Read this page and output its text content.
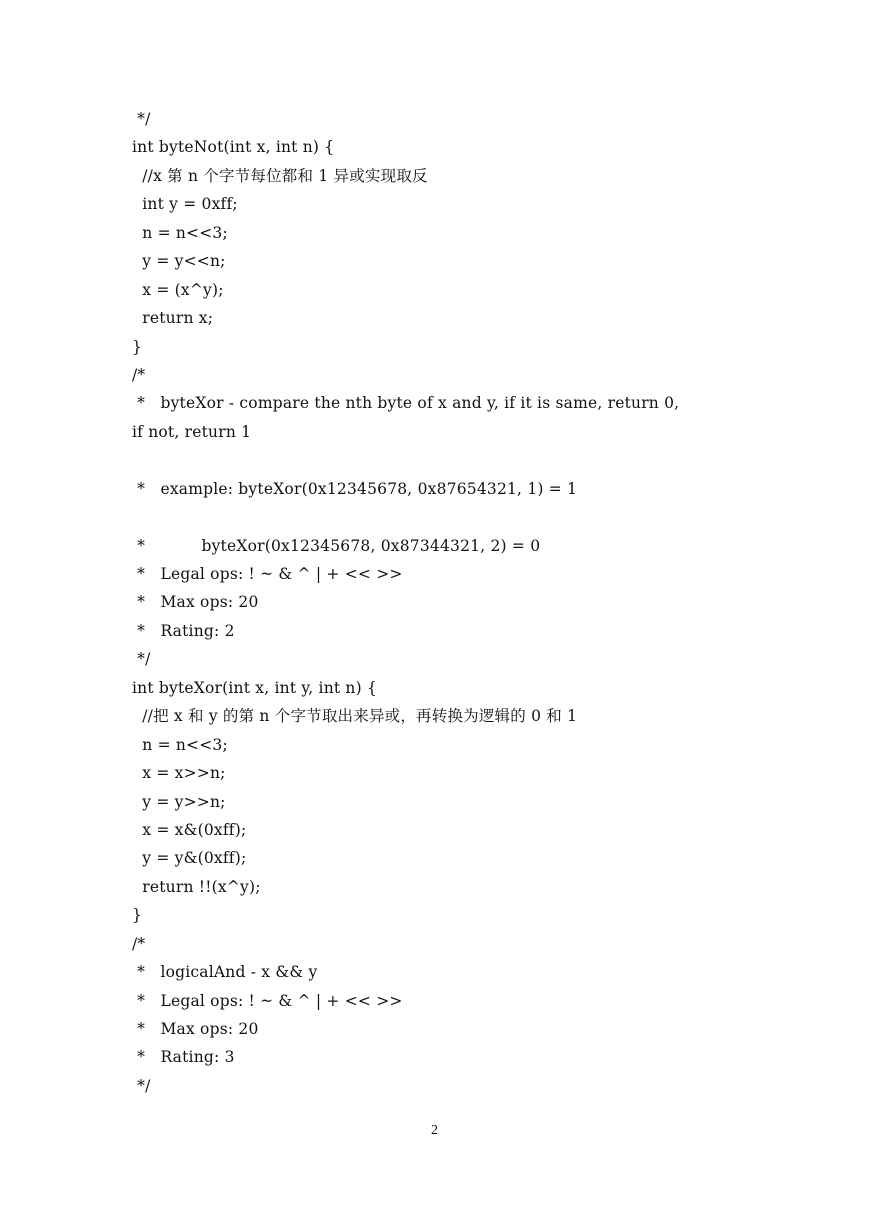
*/
int byteNot(int x, int n) {
//x 第 n 个字节每位都和 1 异或实现取反
int y = 0xff;
n = n<<3;
y = y<<n;
x = (x^y);
return x;
}
/*
*   byteXor - compare the nth byte of x and y, if it is same, return 0,
if not, return 1
*   example: byteXor(0x12345678, 0x87654321, 1) = 1
*           byteXor(0x12345678, 0x87344321, 2) = 0
*   Legal ops: ! ~ & ^ | + << >>
*   Max ops: 20
*   Rating: 2
*/
int byteXor(int x, int y, int n) {
//把 x 和 y 的第 n 个字节取出来异或，再转换为逻辑的 0 和 1
n = n<<3;
x = x>>n;
y = y>>n;
x = x&(0xff);
y = y&(0xff);
return !!(x^y);
}
/*
*   logicalAnd - x && y
*   Legal ops: ! ~ & ^ | + << >>
*   Max ops: 20
*   Rating: 3
*/
2
